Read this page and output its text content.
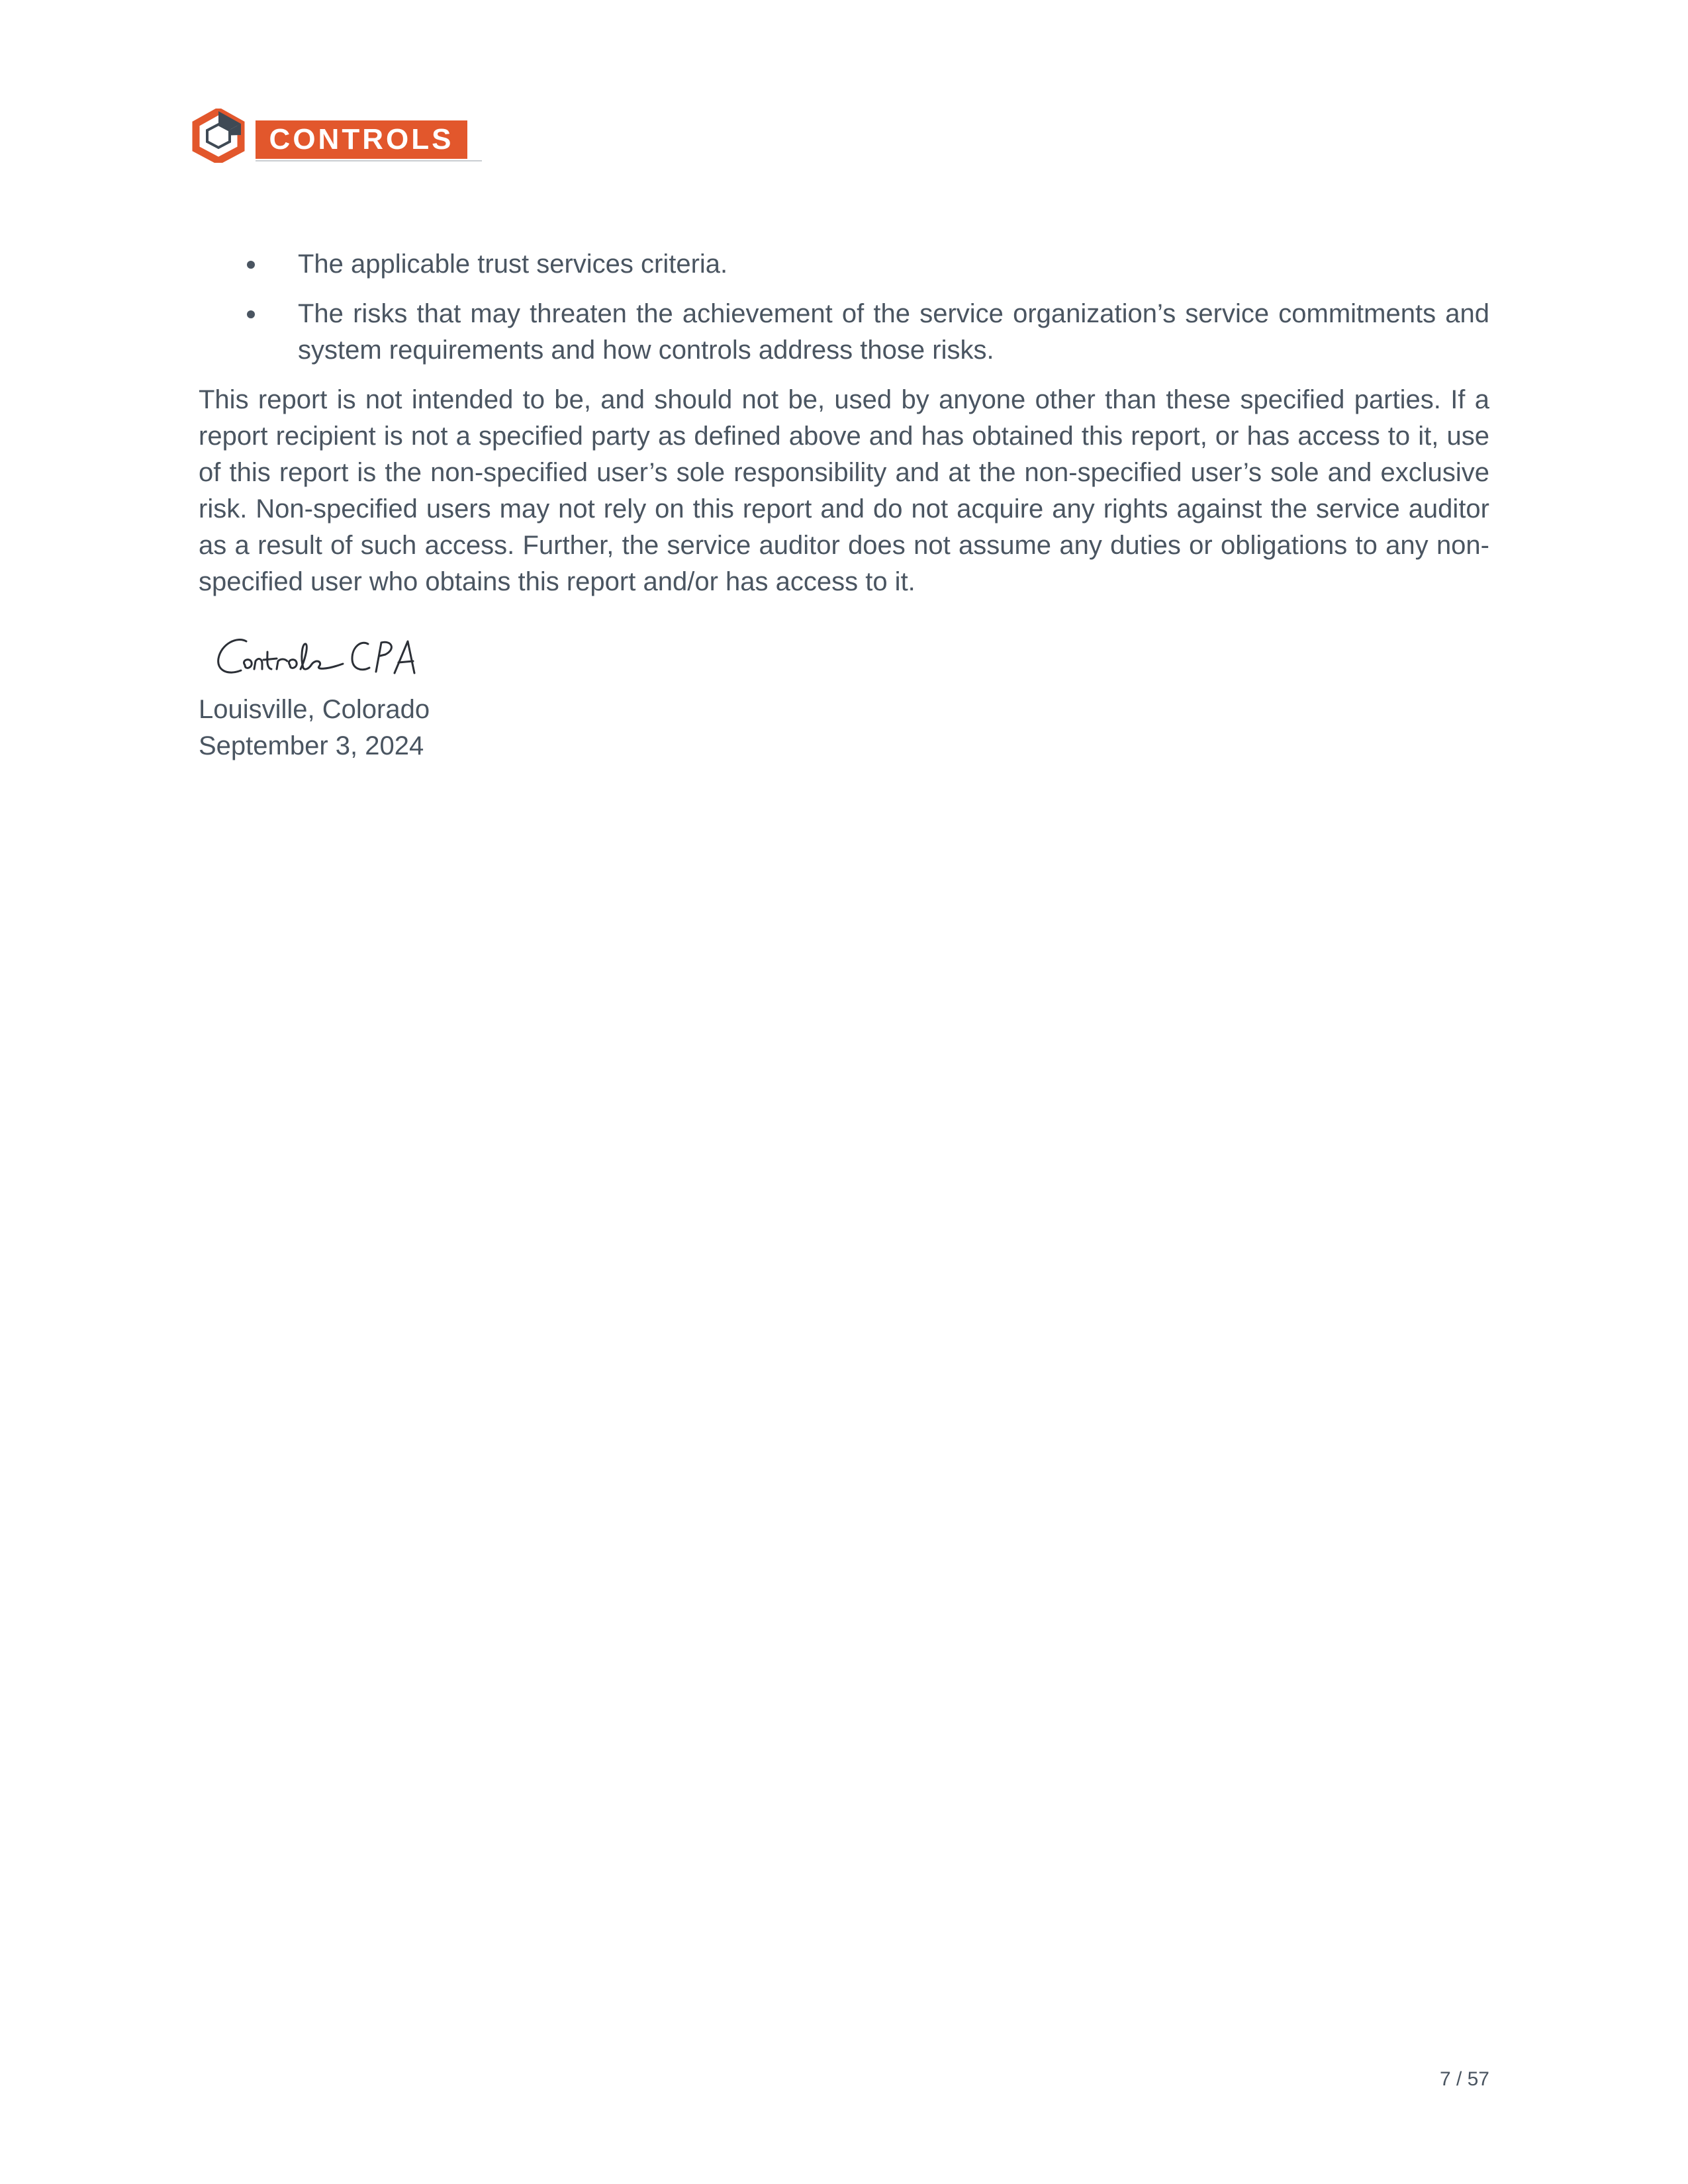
CONTROLS
The applicable trust services criteria.
The risks that may threaten the achievement of the service organization’s service commitments and system requirements and how controls address those risks.

This report is not intended to be, and should not be, used by anyone other than these specified parties. If a report recipient is not a specified party as defined above and has obtained this report, or has access to it, use of this report is the non-specified user’s sole responsibility and at the non-specified user’s sole and exclusive risk. Non-specified users may not rely on this report and do not acquire any rights against the service auditor as a result of such access. Further, the service auditor does not assume any duties or obligations to any non-specified user who obtains this report and/or has access to it.

Louisville, Colorado
September 3, 2024
7 / 57
